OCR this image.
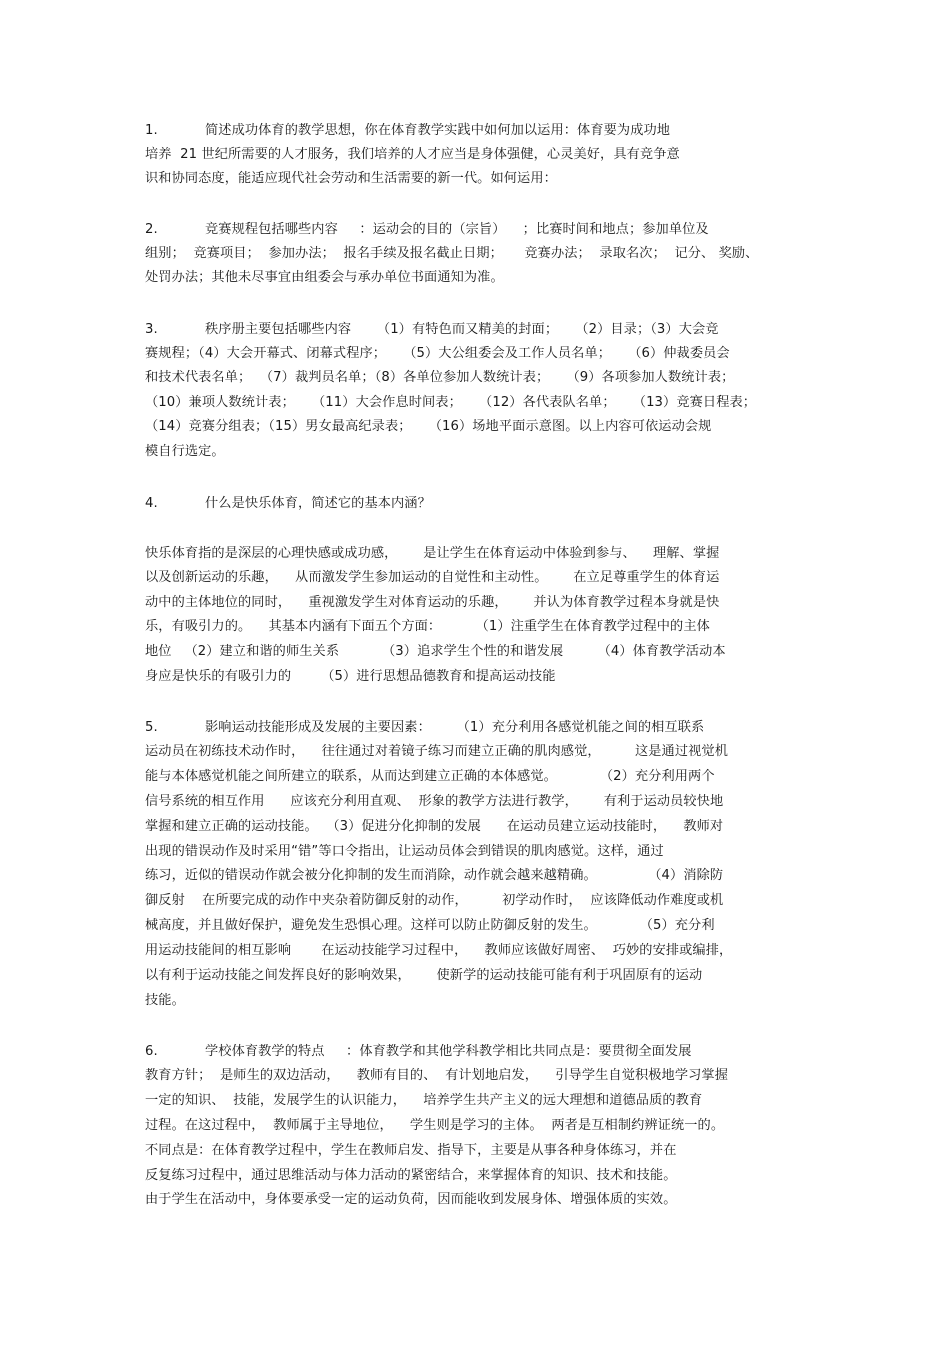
1.           简述成功体育的教学思想，你在体育教学实践中如何加以运用：体育要为成功地
培养  21 世纪所需要的人才服务，我们培养的人才应当是身体强健，心灵美好，具有竞争意
识和协同态度，能适应现代社会劳动和生活需要的新一代。如何运用：
2.           竞赛规程包括哪些内容     ：运动会的目的（宗旨）    ；比赛时间和地点；参加单位及
组别；  竞赛项目；  参加办法；  报名手续及报名截止日期；     竞赛办法；  录取名次；  记分、 奖励、
处罚办法；其他未尽事宜由组委会与承办单位书面通知为准。
3.           秩序册主要包括哪些内容      （1）有特色而又精美的封面；    （2）目录；（3）大会竞
赛规程；（4）大会开幕式、闭幕式程序；    （5）大公组委会及工作人员名单；    （6）仲裁委员会
和技术代表名单；  （7）裁判员名单；（8）各单位参加人数统计表；    （9）各项参加人数统计表；
（10）兼项人数统计表；    （11）大会作息时间表；    （12）各代表队名单；    （13）竞赛日程表；
（14）竞赛分组表；（15）男女最高纪录表；    （16）场地平面示意图。以上内容可依运动会规
模自行选定。
4.           什么是快乐体育，简述它的基本内涵？
快乐体育指的是深层的心理快感或成功感，      是让学生在体育运动中体验到参与、    理解、掌握
以及创新运动的乐趣，    从而激发学生参加运动的自觉性和主动性。      在立足尊重学生的体育运
动中的主体地位的同时，    重视激发学生对体育运动的乐趣，      并认为体育教学过程本身就是快
乐，有吸引力的。    其基本内涵有下面五个方面：        （1）注重学生在体育教学过程中的主体
地位   （2）建立和谐的师生关系          （3）追求学生个性的和谐发展        （4）体育教学活动本
身应是快乐的有吸引力的       （5）进行思想品德教育和提高运动技能
5.           影响运动技能形成及发展的主要因素：      （1）充分利用各感觉机能之间的相互联系
运动员在初练技术动作时，    往往通过对着镜子练习而建立正确的肌肉感觉，        这是通过视觉机
能与本体感觉机能之间所建立的联系，从而达到建立正确的本体感觉。          （2）充分利用两个
信号系统的相互作用      应该充分利用直观、  形象的教学方法进行教学，      有利于运动员较快地
掌握和建立正确的运动技能。  （3）促进分化抑制的发展      在运动员建立运动技能时，    教师对
出现的错误动作及时采用“错”等口令指出，让运动员体会到错误的肌肉感觉。这样，通过
练习，近似的错误动作就会被分化抑制的发生而消除，动作就会越来越精确。            （4）消除防
御反射    在所要完成的动作中夹杂着防御反射的动作，        初学动作时，  应该降低动作难度或机
械高度，并且做好保护，避免发生恐惧心理。这样可以防止防御反射的发生。          （5）充分利
用运动技能间的相互影响       在运动技能学习过程中，    教师应该做好周密、  巧妙的安排或编排，
以有利于运动技能之间发挥良好的影响效果，      使新学的运动技能可能有利于巩固原有的运动
技能。
6.           学校体育教学的特点     ：体育教学和其他学科教学相比共同点是：要贯彻全面发展
教育方针；  是师生的双边活动，    教师有目的、  有计划地启发，    引导学生自觉积极地学习掌握
一定的知识、  技能，发展学生的认识能力，    培养学生共产主义的远大理想和道德品质的教育
过程。在这过程中，  教师属于主导地位，    学生则是学习的主体。  两者是互相制约辨证统一的。
不同点是：在体育教学过程中，学生在教师启发、指导下，主要是从事各种身体练习，并在
反复练习过程中，通过思维活动与体力活动的紧密结合，来掌握体育的知识、技术和技能。
由于学生在活动中，身体要承受一定的运动负荷，因而能收到发展身体、增强体质的实效。
